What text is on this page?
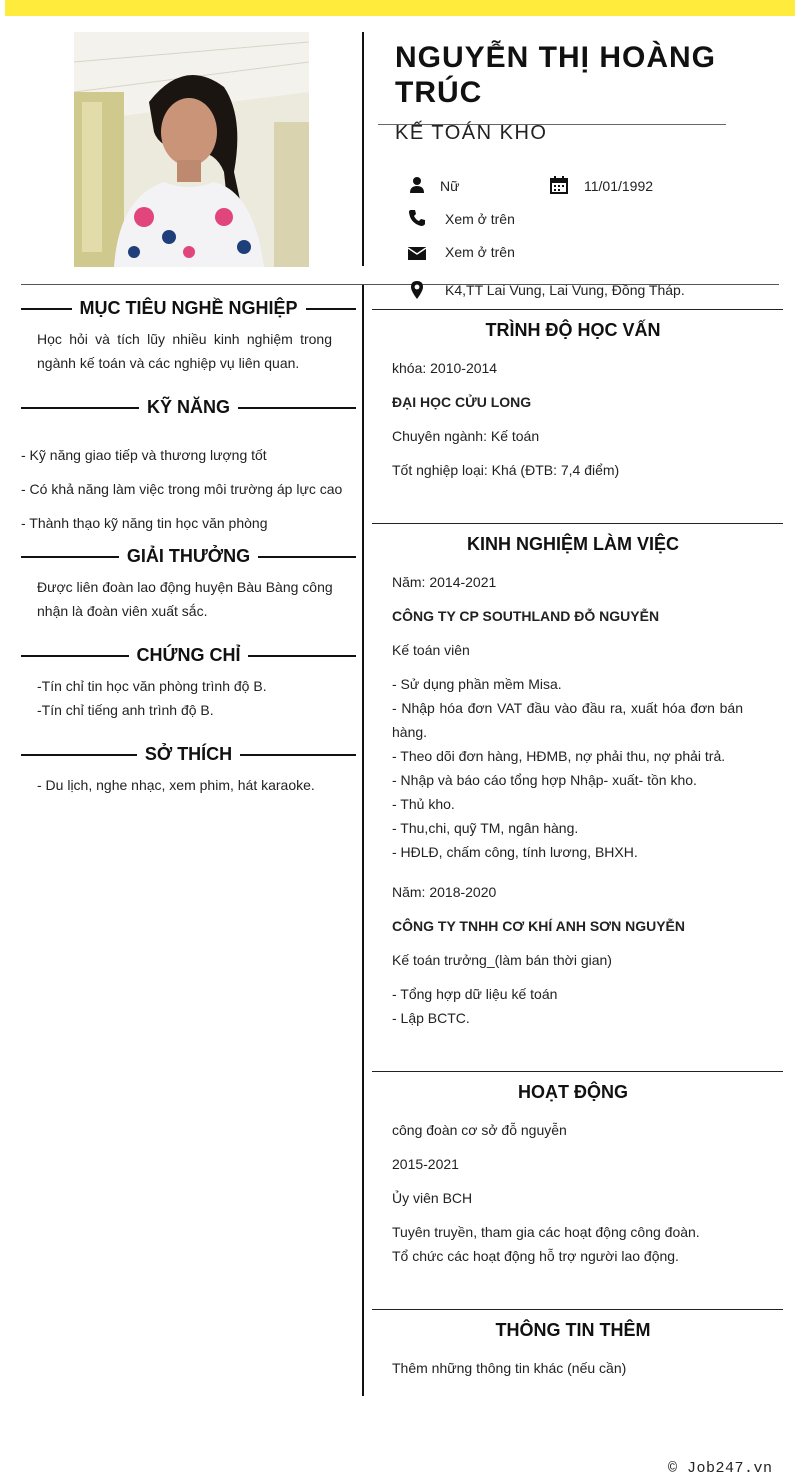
NGUYỄN THỊ HOÀNG TRÚC
KẾ TOÁN KHO
Nữ	11/01/1992
Xem ở trên
Xem ở trên
K4,TT Lai Vung, Lai Vung, Đồng Tháp.
MỤC TIÊU NGHỀ NGHIỆP
Học hỏi và tích lũy nhiều kinh nghiệm trong ngành kế toán và các nghiệp vụ liên quan.
KỸ NĂNG
- Kỹ năng giao tiếp và thương lượng tốt
- Có khả năng làm việc trong môi trường áp lực cao
- Thành thạo kỹ năng tin học văn phòng
GIẢI THƯỞNG
Được liên đoàn lao động huyện Bàu Bàng công nhận là đoàn viên xuất sắc.
CHỨNG CHỈ
-Tín chỉ tin học văn phòng trình độ B.
-Tín chỉ tiếng anh trình độ B.
SỞ THÍCH
- Du lịch, nghe nhạc, xem phim, hát karaoke.
TRÌNH ĐỘ HỌC VẤN
khóa: 2010-2014
ĐẠI HỌC CỬU LONG
Chuyên ngành: Kế toán
Tốt nghiệp loại: Khá (ĐTB: 7,4 điểm)
KINH NGHIỆM LÀM VIỆC
Năm: 2014-2021
CÔNG TY CP SOUTHLAND ĐỖ NGUYỄN
Kế toán viên
- Sử dụng phần mềm Misa.
- Nhập hóa đơn VAT đầu vào đầu ra, xuất hóa đơn bán hàng.
- Theo dõi đơn hàng, HĐMB, nợ phải thu, nợ phải trả.
- Nhập và báo cáo tổng hợp Nhập- xuất- tồn kho.
- Thủ kho.
- Thu,chi, quỹ TM, ngân hàng.
- HĐLĐ, chấm công, tính lương, BHXH.
Năm: 2018-2020
CÔNG TY TNHH CƠ KHÍ ANH SƠN NGUYỄN
Kế toán trưởng_(làm bán thời gian)
- Tổng hợp dữ liệu kế toán
- Lập BCTC.
HOẠT ĐỘNG
công đoàn cơ sở đỗ nguyễn
2015-2021
Ủy viên BCH
Tuyên truyền, tham gia các hoạt động công đoàn.
Tổ chức các hoạt động hỗ trợ người lao động.
THÔNG TIN THÊM
Thêm những thông tin khác (nếu cần)
© Job247.vn
